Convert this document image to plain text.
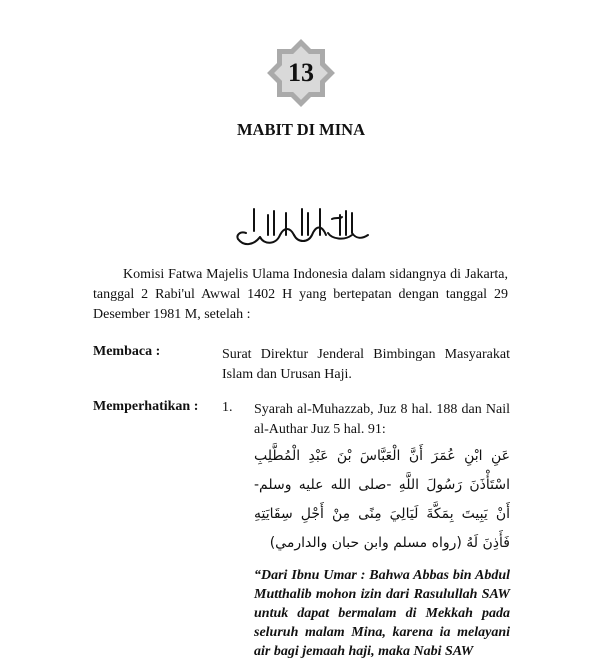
13
MABIT DI MINA

Komisi Fatwa Majelis Ulama Indonesia dalam sidangnya di Jakarta, tanggal 2 Rabi'ul Awwal 1402 H yang bertepatan dengan tanggal 29 Desember 1981 M, setelah :

Membaca :	Surat Direktur Jenderal Bimbingan Masyarakat Islam dan Urusan Haji.
Memperhatikan : 1. Syarah al-Muhazzab, Juz 8 hal. 188 dan Nail al-Authar Juz 5 hal. 91:
عَنِ ابْنِ عُمَرَ أَنَّ الْعَبَّاسَ بْنَ عَبْدِ الْمُطَّلِبِ اسْتَأْذَنَ رَسُولَ اللَّهِ -صلى الله عليه وسلم- أَنْ يَبِيتَ بِمَكَّةَ لَيَالِيَ مِنًى مِنْ أَجْلِ سِقَايَتِهِ فَأَذِنَ لَهُ (رواه مسلم وابن حبان والدارمي)
“Dari Ibnu Umar : Bahwa Abbas bin Abdul Mutthalib mohon izin dari Rasulullah SAW untuk dapat bermalam di Mekkah pada seluruh malam Mina, karena ia melayani air bagi jemaah haji, maka Nabi SAW
